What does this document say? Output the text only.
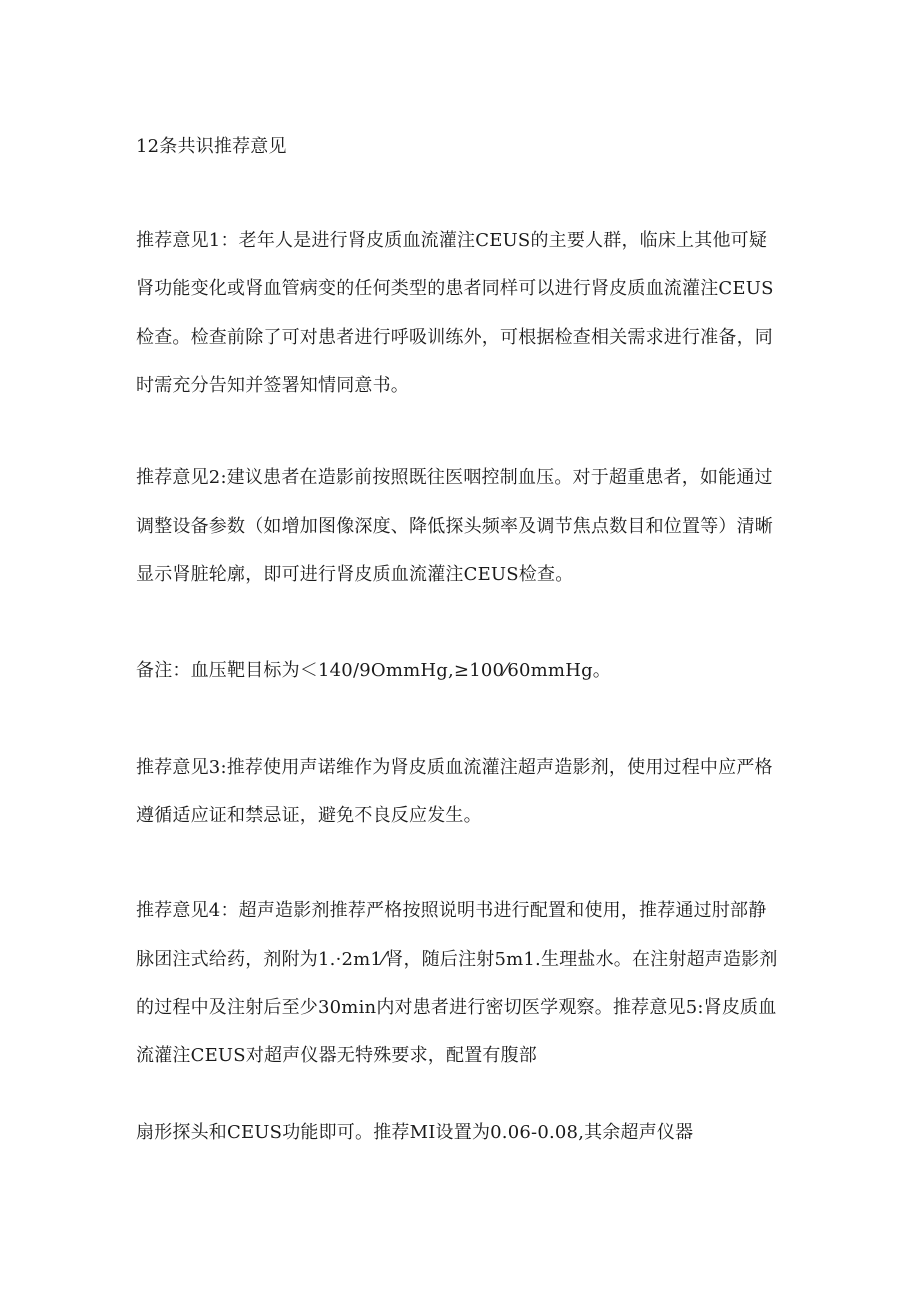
12条共识推荐意见

推荐意见1：老年人是进行肾皮质血流灌注CEUS的主要人群，临床上其他可疑

肾功能变化或肾血管病变的任何类型的患者同样可以进行肾皮质血流灌注CEUS

检查。检查前除了可对患者进行呼吸训练外，可根据检查相关需求进行准备，同

时需充分告知并签署知情同意书。

推荐意见2:建议患者在造影前按照既往医咽控制血压。对于超重患者，如能通过

调整设备参数（如增加图像深度、降低探头频率及调节焦点数目和位置等）清晰

显示肾脏轮廓，即可进行肾皮质血流灌注CEUS检查。

备注：血压靶目标为＜140/9OmmHg,≥100⁄60mmHg。

推荐意见3:推荐使用声诺维作为肾皮质血流灌注超声造影剂，使用过程中应严格

遵循适应证和禁忌证，避免不良反应发生。

推荐意见4：超声造影剂推荐严格按照说明书进行配置和使用，推荐通过肘部静

脉团注式给药，剂附为1.·2m1⁄肾，随后注射5m1.生理盐水。在注射超声造影剂

的过程中及注射后至少30min内对患者进行密切医学观察。推荐意见5:肾皮质血

流灌注CEUS对超声仪器无特殊要求，配置有腹部

扇形探头和CEUS功能即可。推荐MI设置为0.06-0.08,其余超声仪器
